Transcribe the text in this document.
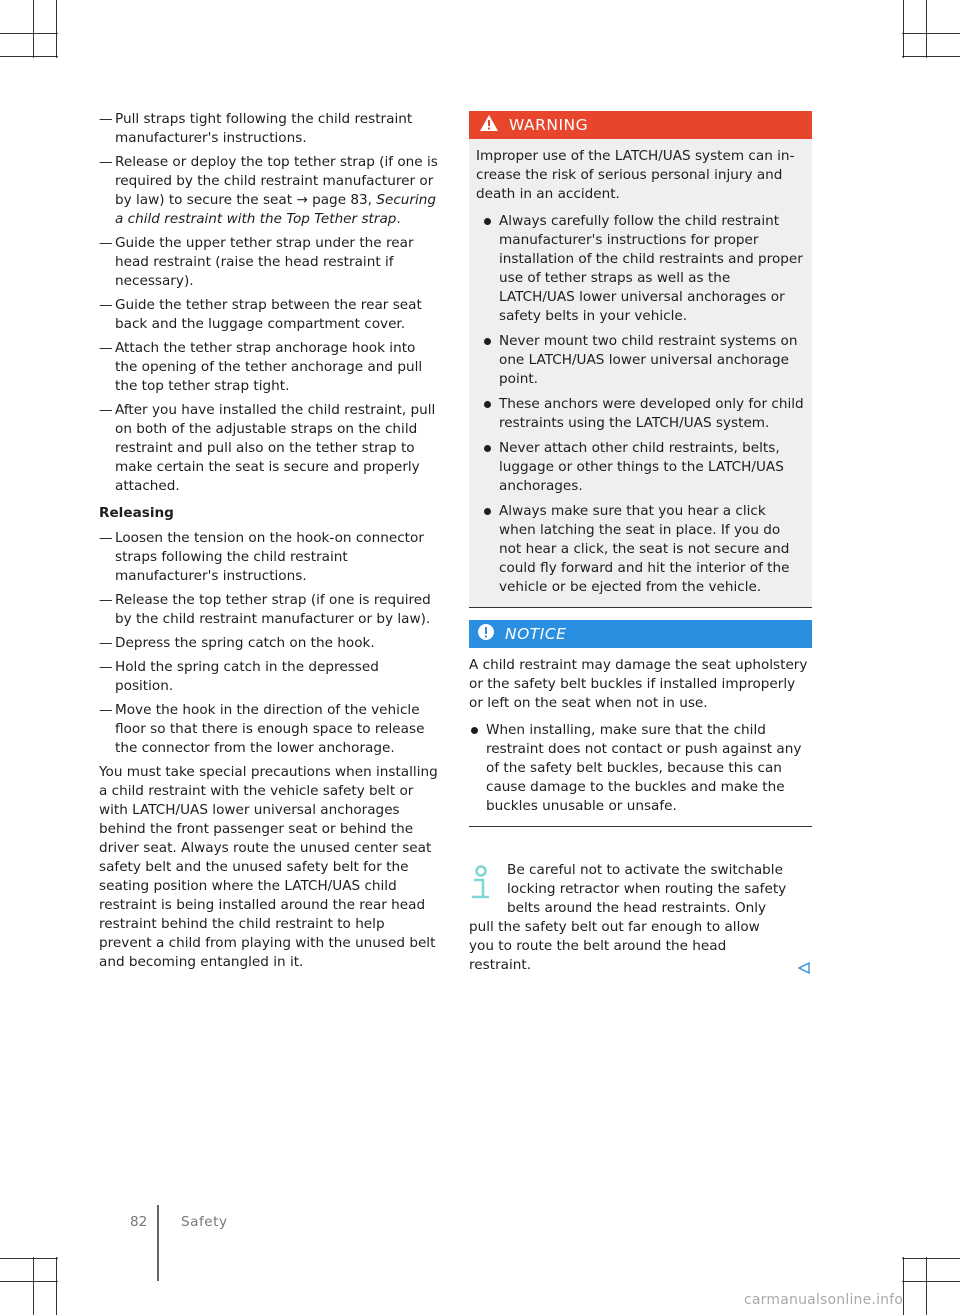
— Pull straps tight following the child restraint manufacturer's instructions.

— Release or deploy the top tether strap (if one is required by the child restraint manufacturer or by law) to secure the seat → page 83, Securing a child restraint with the Top Tether strap.

— Guide the upper tether strap under the rear head restraint (raise the head restraint if necessary).

— Guide the tether strap between the rear seat back and the luggage compartment cover.

— Attach the tether strap anchorage hook into the opening of the tether anchorage and pull the top tether strap tight.

— After you have installed the child restraint, pull on both of the adjustable straps on the child restraint and pull also on the tether strap to make certain the seat is secure and properly attached.

Releasing

— Loosen the tension on the hook-on connector straps following the child restraint manufacturer's instructions.

— Release the top tether strap (if one is required by the child restraint manufacturer or by law).

— Depress the spring catch on the hook.

— Hold the spring catch in the depressed position.

— Move the hook in the direction of the vehicle floor so that there is enough space to release the connector from the lower anchorage.

You must take special precautions when installing a child restraint with the vehicle safety belt or with LATCH/UAS lower universal anchorages behind the front passenger seat or behind the driver seat. Always route the unused center seat safety belt and the unused safety belt for the seating position where the LATCH/UAS child restraint is being installed around the rear head restraint behind the child restraint to help prevent a child from playing with the unused belt and becoming entangled in it.

WARNING

Improper use of the LATCH/UAS system can increase the risk of serious personal injury and death in an accident.

Always carefully follow the child restraint manufacturer's instructions for proper installation of the child restraints and proper use of tether straps as well as the LATCH/UAS lower universal anchorages or safety belts in your vehicle.

Never mount two child restraint systems on one LATCH/UAS lower universal anchorage point.

These anchors were developed only for child restraints using the LATCH/UAS system.

Never attach other child restraints, belts, luggage or other things to the LATCH/UAS anchorages.

Always make sure that you hear a click when latching the seat in place. If you do not hear a click, the seat is not secure and could fly forward and hit the interior of the vehicle or be ejected from the vehicle.

NOTICE

A child restraint may damage the seat upholstery or the safety belt buckles if installed improperly or left on the seat when not in use.

When installing, make sure that the child restraint does not contact or push against any of the safety belt buckles, because this can cause damage to the buckles and make the buckles unusable or unsafe.

Be careful not to activate the switchable locking retractor when routing the safety belts around the head restraints. Only pull the safety belt out far enough to allow you to route the belt around the head restraint.

82 Safety
carmanualsonline.info
